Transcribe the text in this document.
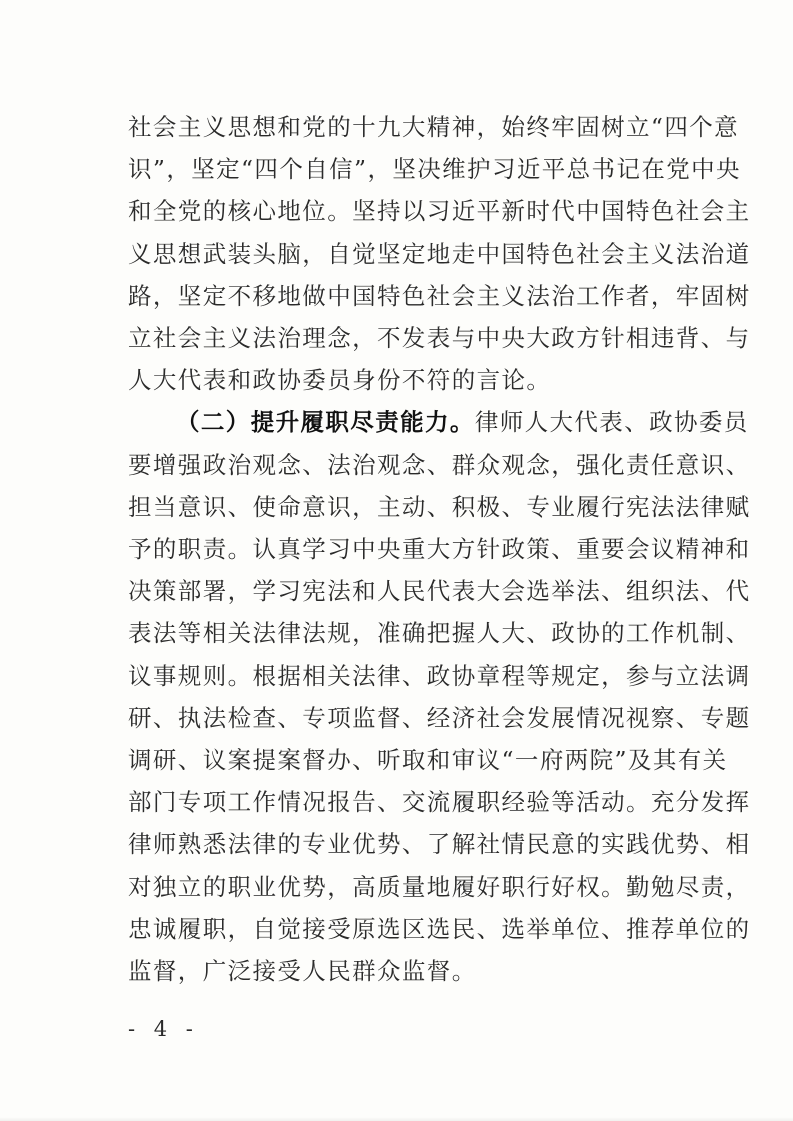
社会主义思想和党的十九大精神，始终牢固树立“四个意
识”，坚定“四个自信”，坚决维护习近平总书记在党中央
和全党的核心地位。坚持以习近平新时代中国特色社会主
义思想武装头脑，自觉坚定地走中国特色社会主义法治道
路，坚定不移地做中国特色社会主义法治工作者，牢固树
立社会主义法治理念，不发表与中央大政方针相违背、与
人大代表和政协委员身份不符的言论。
（二）提升履职尽责能力。律师人大代表、政协委员
要增强政治观念、法治观念、群众观念，强化责任意识、
担当意识、使命意识，主动、积极、专业履行宪法法律赋
予的职责。认真学习中央重大方针政策、重要会议精神和
决策部署，学习宪法和人民代表大会选举法、组织法、代
表法等相关法律法规，准确把握人大、政协的工作机制、
议事规则。根据相关法律、政协章程等规定，参与立法调
研、执法检查、专项监督、经济社会发展情况视察、专题
调研、议案提案督办、听取和审议“一府两院”及其有关
部门专项工作情况报告、交流履职经验等活动。充分发挥
律师熟悉法律的专业优势、了解社情民意的实践优势、相
对独立的职业优势，高质量地履好职行好权。勤勉尽责，
- 4 -
忠诚履职，自觉接受原选区选民、选举单位、推荐单位的
监督，广泛接受人民群众监督。
